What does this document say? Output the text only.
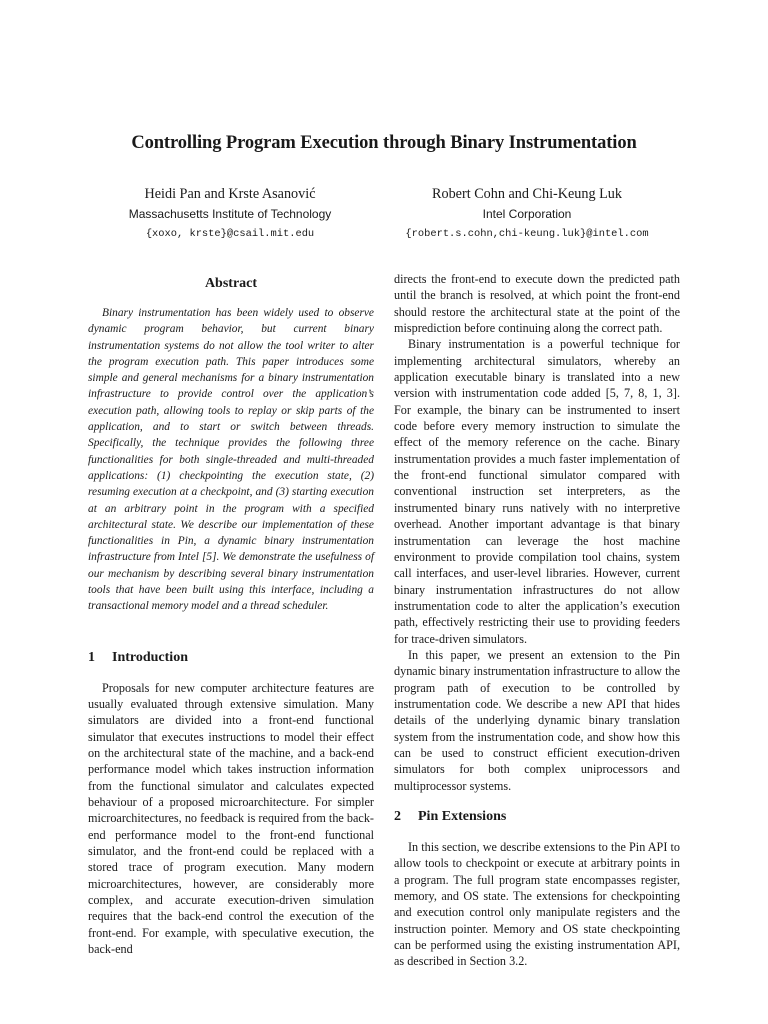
Controlling Program Execution through Binary Instrumentation
Heidi Pan and Krste Asanović
Massachusetts Institute of Technology
{xoxo, krste}@csail.mit.edu
Robert Cohn and Chi-Keung Luk
Intel Corporation
{robert.s.cohn,chi-keung.luk}@intel.com
Abstract

Binary instrumentation has been widely used to observe dynamic program behavior, but current binary instrumentation systems do not allow the tool writer to alter the program execution path. This paper introduces some simple and general mechanisms for a binary instrumentation infrastructure to provide control over the application’s execution path, allowing tools to replay or skip parts of the application, and to start or switch between threads. Specifically, the technique provides the following three functionalities for both single-threaded and multi-threaded applications: (1) checkpointing the execution state, (2) resuming execution at a checkpoint, and (3) starting execution at an arbitrary point in the program with a specified architectural state. We describe our implementation of these functionalities in Pin, a dynamic binary instrumentation infrastructure from Intel [5]. We demonstrate the usefulness of our mechanism by describing several binary instrumentation tools that have been built using this interface, including a transactional memory model and a thread scheduler.

1 Introduction

Proposals for new computer architecture features are usually evaluated through extensive simulation. Many simulators are divided into a front-end functional simulator that executes instructions to model their effect on the architectural state of the machine, and a back-end performance model which takes instruction information from the functional simulator and calculates expected behaviour of a proposed microarchitecture. For simpler microarchitectures, no feedback is required from the back-end performance model to the front-end functional simulator, and the front-end could be replaced with a stored trace of program execution. Many modern microarchitectures, however, are considerably more complex, and accurate execution-driven simulation requires that the back-end control the execution of the front-end. For example, with speculative execution, the back-end

directs the front-end to execute down the predicted path until the branch is resolved, at which point the front-end should restore the architectural state at the point of the misprediction before continuing along the correct path.

Binary instrumentation is a powerful technique for implementing architectural simulators, whereby an application executable binary is translated into a new version with instrumentation code added [5, 7, 8, 1, 3]. For example, the binary can be instrumented to insert code before every memory instruction to simulate the effect of the memory reference on the cache. Binary instrumentation provides a much faster implementation of the front-end functional simulator compared with conventional instruction set interpreters, as the instrumented binary runs natively with no interpretive overhead. Another important advantage is that binary instrumentation can leverage the host machine environment to provide compilation tool chains, system call interfaces, and user-level libraries. However, current binary instrumentation infrastructures do not allow instrumentation code to alter the application’s execution path, effectively restricting their use to providing feeders for trace-driven simulators.

In this paper, we present an extension to the Pin dynamic binary instrumentation infrastructure to allow the program path of execution to be controlled by instrumentation code. We describe a new API that hides details of the underlying dynamic binary translation system from the instrumentation code, and show how this can be used to construct efficient execution-driven simulators for both complex uniprocessors and multiprocessor systems.

2 Pin Extensions

In this section, we describe extensions to the Pin API to allow tools to checkpoint or execute at arbitrary points in a program. The full program state encompasses register, memory, and OS state. The extensions for checkpointing and execution control only manipulate registers and the instruction pointer. Memory and OS state checkpointing can be performed using the existing instrumentation API, as described in Section 3.2.
